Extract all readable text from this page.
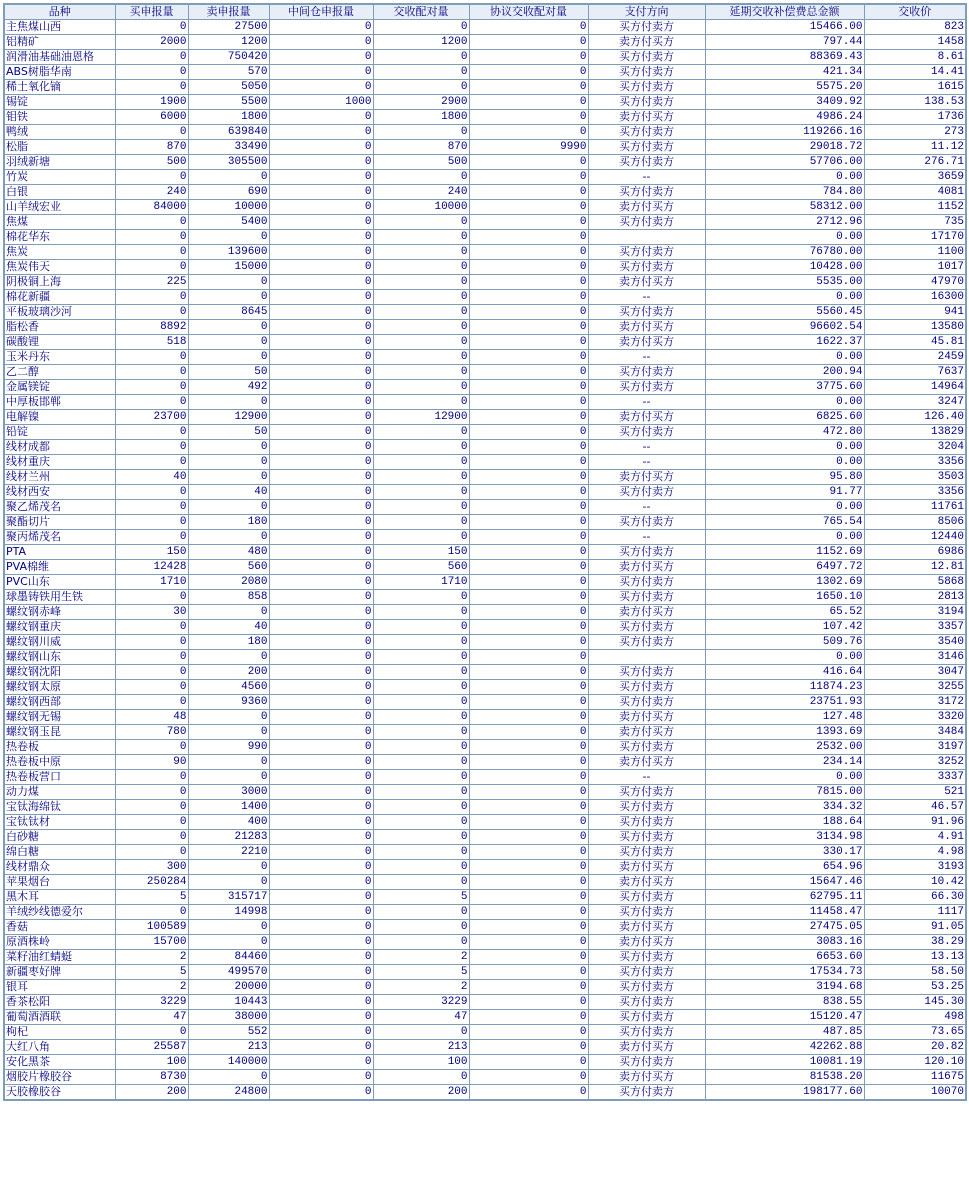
品种	买申报量	卖申报量	中间仓申报量	交收配对量	协议交收配对量	支付方向	延期交收补偿费总金额	交收价
主焦煤山西	0	27500	0	0	0	买方付卖方	15466.00	823
铝精矿	2000	1200	0	1200	0	卖方付买方	797.44	1458
润滑油基础油恩格	0	750420	0	0	0	买方付卖方	88369.43	8.61
ABS树脂华南	0	570	0	0	0	买方付卖方	421.34	14.41
稀土氧化镝	0	5050	0	0	0	买方付卖方	5575.20	1615
锡锭	1900	5500	1000	2900	0	买方付卖方	3409.92	138.53
钼铁	6000	1800	0	1800	0	卖方付买方	4986.24	1736
鸭绒	0	639840	0	0	0	买方付卖方	119266.16	273
松脂	870	33490	0	870	9990	买方付卖方	29018.72	11.12
羽绒新塘	500	305500	0	500	0	买方付卖方	57706.00	276.71
竹炭	0	0	0	0	0	--	0.00	3659
白银	240	690	0	240	0	买方付卖方	784.80	4081
山羊绒宏业	84000	10000	0	10000	0	卖方付买方	58312.00	1152
焦煤	0	5400	0	0	0	买方付卖方	2712.96	735
棉花华东	0	0	0	0	0		0.00	17170
焦炭	0	139600	0	0	0	买方付卖方	76780.00	1100
焦炭伟天	0	15000	0	0	0	买方付卖方	10428.00	1017
阴极铜上海	225	0	0	0	0	卖方付买方	5535.00	47970
棉花新疆	0	0	0	0	0	--	0.00	16300
平板玻璃沙河	0	8645	0	0	0	买方付卖方	5560.45	941
脂松香	8892	0	0	0	0	卖方付买方	96602.54	13580
碳酸锂	518	0	0	0	0	卖方付买方	1622.37	45.81
玉米丹东	0	0	0	0	0	--	0.00	2459
乙二醇	0	50	0	0	0	买方付卖方	200.94	7637
金属镁锭	0	492	0	0	0	买方付卖方	3775.60	14964
中厚板邯郸	0	0	0	0	0	--	0.00	3247
电解镍	23700	12900	0	12900	0	卖方付买方	6825.60	126.40
铅锭	0	50	0	0	0	买方付卖方	472.80	13829
线材成都	0	0	0	0	0	--	0.00	3204
线材重庆	0	0	0	0	0	--	0.00	3356
线材兰州	40	0	0	0	0	卖方付买方	95.80	3503
线材西安	0	40	0	0	0	买方付卖方	91.77	3356
聚乙烯茂名	0	0	0	0	0	--	0.00	11761
聚酯切片	0	180	0	0	0	买方付卖方	765.54	8506
聚丙烯茂名	0	0	0	0	0	--	0.00	12440
PTA	150	480	0	150	0	买方付卖方	1152.69	6986
PVA棉维	12428	560	0	560	0	卖方付买方	6497.72	12.81
PVC山东	1710	2080	0	1710	0	买方付卖方	1302.69	5868
球墨铸铁用生铁	0	858	0	0	0	买方付卖方	1650.10	2813
螺纹钢赤峰	30	0	0	0	0	卖方付买方	65.52	3194
螺纹钢重庆	0	40	0	0	0	买方付卖方	107.42	3357
螺纹钢川威	0	180	0	0	0	买方付卖方	509.76	3540
螺纹钢山东	0	0	0	0	0		0.00	3146
螺纹钢沈阳	0	200	0	0	0	买方付卖方	416.64	3047
螺纹钢太原	0	4560	0	0	0	买方付卖方	11874.23	3255
螺纹钢西部	0	9360	0	0	0	买方付卖方	23751.93	3172
螺纹钢无锡	48	0	0	0	0	卖方付买方	127.48	3320
螺纹钢玉昆	780	0	0	0	0	卖方付买方	1393.69	3484
热卷板	0	990	0	0	0	买方付卖方	2532.00	3197
热卷板中原	90	0	0	0	0	卖方付买方	234.14	3252
热卷板营口	0	0	0	0	0	--	0.00	3337
动力煤	0	3000	0	0	0	买方付卖方	7815.00	521
宝钛海绵钛	0	1400	0	0	0	买方付卖方	334.32	46.57
宝钛钛材	0	400	0	0	0	买方付卖方	188.64	91.96
白砂糖	0	21283	0	0	0	买方付卖方	3134.98	4.91
绵白糖	0	2210	0	0	0	买方付卖方	330.17	4.98
线材鼎众	300	0	0	0	0	卖方付买方	654.96	3193
苹果烟台	250284	0	0	0	0	卖方付买方	15647.46	10.42
黑木耳	5	315717	0	5	0	买方付卖方	62795.11	66.30
羊绒纱线德爱尔	0	14998	0	0	0	买方付卖方	11458.47	1117
香菇	100589	0	0	0	0	卖方付买方	27475.05	91.05
原酒株岭	15700	0	0	0	0	卖方付买方	3083.16	38.29
菜籽油红蜻蜓	2	84460	0	2	0	买方付卖方	6653.60	13.13
新疆枣好牌	5	499570	0	5	0	买方付卖方	17534.73	58.50
银耳	2	20000	0	2	0	买方付卖方	3194.68	53.25
香茶松阳	3229	10443	0	3229	0	买方付卖方	838.55	145.30
葡萄酒酒联	47	38000	0	47	0	买方付卖方	15120.47	498
枸杞	0	552	0	0	0	买方付卖方	487.85	73.65
大红八角	25587	213	0	213	0	卖方付买方	42262.88	20.82
安化黑茶	100	140000	0	100	0	买方付卖方	10081.19	120.10
烟胶片橡胶谷	8730	0	0	0	0	卖方付买方	81538.20	11675
天胶橡胶谷	200	24800	0	200	0	买方付卖方	198177.60	10070
